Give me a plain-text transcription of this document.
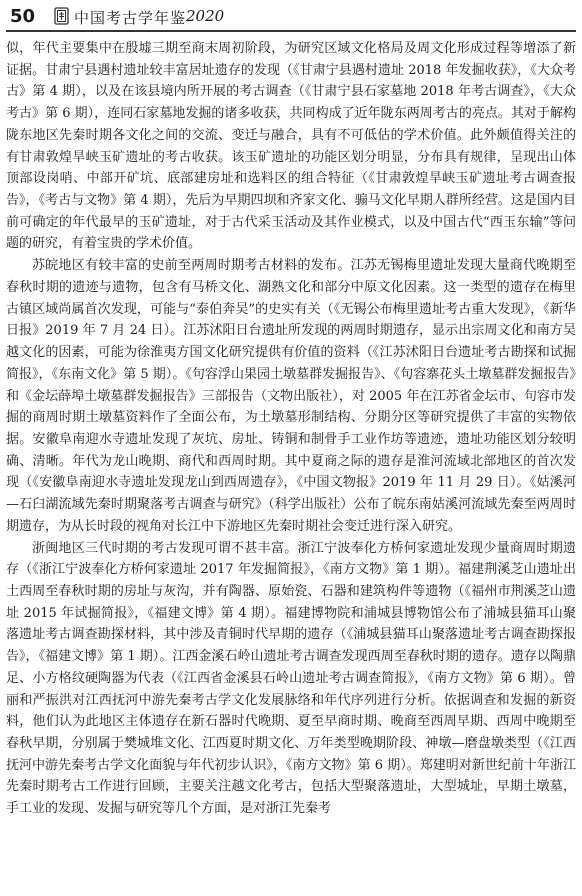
50	中国考古学年鉴 2020

似，年代主要集中在殷墟三期至商末周初阶段，为研究区域文化格局及周文化形成过程等增添了新证据。甘肃宁县遇村遗址较丰富居址遗存的发现（《甘肃宁县遇村遗址 2018 年发掘收获》，《大众考古》第 4 期），以及在该县境内所开展的考古调查（《甘肃宁县石家墓地 2018 年考古调查》，《大众考古》第 6 期），连同石家墓地发掘的诸多收获，共同构成了近年陇东两周考古的亮点。其对于解构陇东地区先秦时期各文化之间的交流、变迁与融合，具有不可低估的学术价值。此外颇值得关注的有甘肃敦煌旱峡玉矿遗址的考古收获。该玉矿遗址的功能区划分明显，分布具有规律，呈现出山体顶部设岗哨、中部开矿坑、底部建房址和选料区的组合特征（《甘肃敦煌旱峡玉矿遗址考古调查报告》，《考古与文物》第 4 期），先后为早期四坝和齐家文化、骟马文化早期人群所经营。这是国内目前可确定的年代最早的玉矿遗址，对于古代采玉活动及其作业模式，以及中国古代“西玉东输”等问题的研究，有着宝贵的学术价值。

苏皖地区有较丰富的史前至两周时期考古材料的发布。江苏无锡梅里遗址发现大量商代晚期至春秋时期的遗迹与遗物，包含有马桥文化、湖熟文化和部分中原文化因素。这一类型的遗存在梅里古镇区域尚属首次发现，可能与“泰伯奔吴”的史实有关（《无锡公布梅里遗址考古重大发现》，《新华日报》2019 年 7 月 24 日）。江苏沭阳日台遗址所发现的两周时期遗存，显示出宗周文化和南方吴越文化的因素，可能为徐淮夷方国文化研究提供有价值的资料（《江苏沭阳日台遗址考古勘探和试掘简报》，《东南文化》第 5 期）。《句容浮山果园土墩墓群发掘报告》、《句容寨花头土墩墓群发掘报告》和《金坛薛埠土墩墓群发掘报告》三部报告（文物出版社），对 2005 年在江苏省金坛市、句容市发掘的商周时期土墩墓资料作了全面公布，为土墩墓形制结构、分期分区等研究提供了丰富的实物依据。安徽阜南迎水寺遗址发现了灰坑、房址、铸铜和制骨手工业作坊等遗迹，遗址功能区划分较明确、清晰。年代为龙山晚期、商代和西周时期。其中夏商之际的遗存是淮河流域北部地区的首次发现（《安徽阜南迎水寺遗址发现龙山到西周遗存》，《中国文物报》2019 年 11 月 29 日）。《姑溪河—石臼湖流域先秦时期聚落考古调查与研究》（科学出版社）公布了皖东南姑溪河流域先秦至两周时期遗存，为从长时段的视角对长江中下游地区先秦时期社会变迁进行深入研究。

浙闽地区三代时期的考古发现可谓不甚丰富。浙江宁波奉化方桥何家遗址发现少量商周时期遗存（《浙江宁波奉化方桥何家遗址 2017 年发掘简报》，《南方文物》第 1 期）。福建荆溪芝山遗址出土西周至春秋时期的房址与灰沟，并有陶器、原始瓷、石器和建筑构件等遗物（《福州市荆溪芝山遗址 2015 年试掘简报》，《福建文博》第 4 期）。福建博物院和浦城县博物馆公布了浦城县猫耳山聚落遗址考古调查勘探材料，其中涉及青铜时代早期的遗存（《浦城县猫耳山聚落遗址考古调查勘探报告》，《福建文博》第 1 期）。江西金溪石岭山遗址考古调查发现西周至春秋时期的遗存。遗存以陶鼎足、小方格纹硬陶器为代表（《江西省金溪县石岭山遗址考古调查简报》，《南方文物》第 6 期）。曾丽和严振洪对江西抚河中游先秦考古学文化发展脉络和年代序列进行分析。依据调查和发掘的新资料，他们认为此地区主体遗存在新石器时代晚期、夏至早商时期、晚商至西周早期、西周中晚期至春秋早期，分别属于樊城堆文化、江西夏时期文化、万年类型晚期阶段、神墩—磨盘墩类型（《江西抚河中游先秦考古学文化面貌与年代初步认识》，《南方文物》第 6 期）。郑建明对新世纪前十年浙江先秦时期考古工作进行回顾，主要关注越文化考古，包括大型聚落遗址，大型城址，早期土墩墓，手工业的发现、发掘与研究等几个方面，是对浙江先秦考
